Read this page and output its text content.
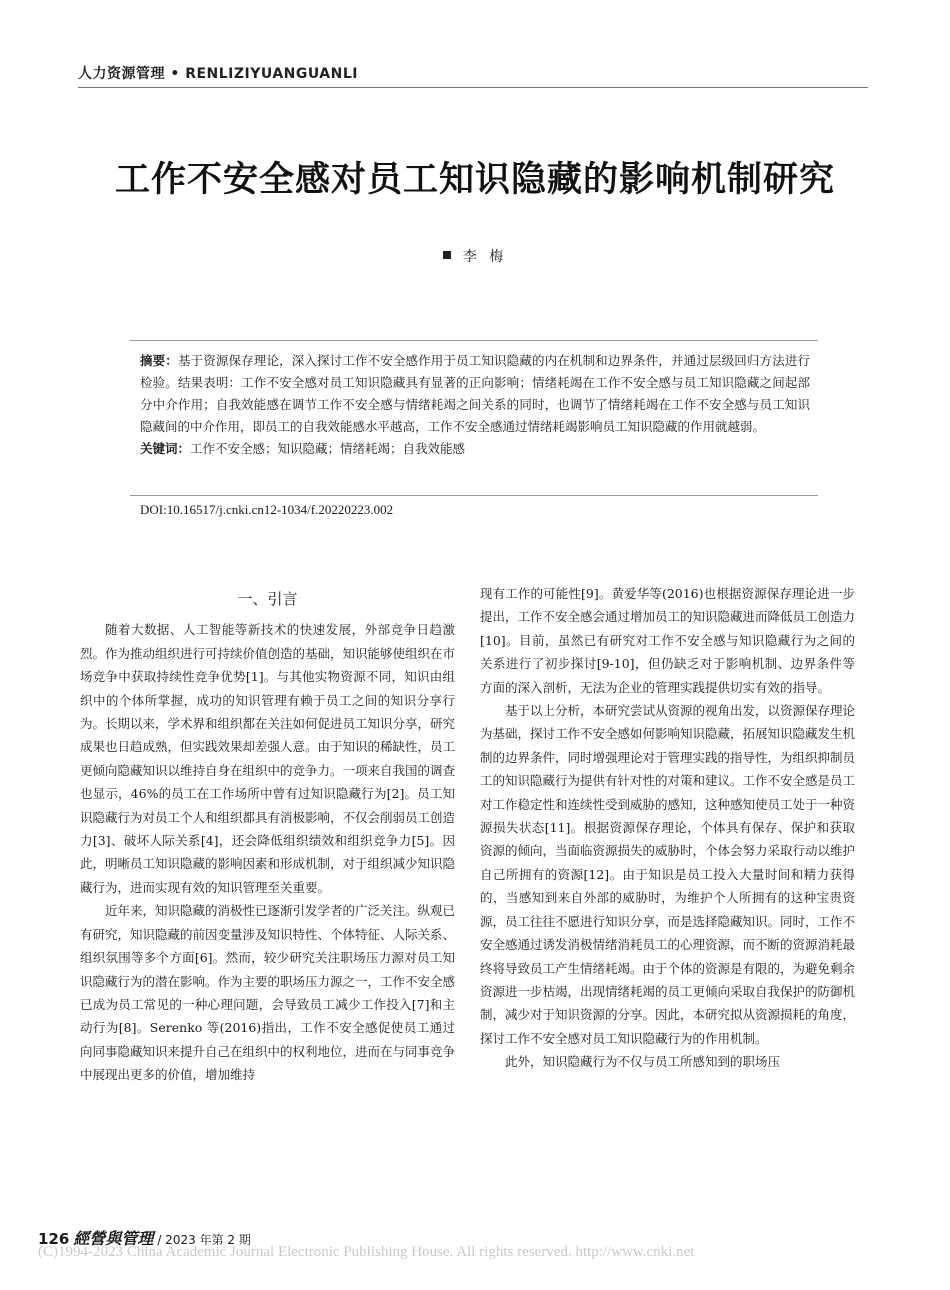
人力资源管理 • RENLIZIYUANGUANLI
工作不安全感对员工知识隐藏的影响机制研究
李 梅

摘要：基于资源保存理论，深入探讨工作不安全感作用于员工知识隐藏的内在机制和边界条件，并通过层级回归方法进行检验。结果表明：工作不安全感对员工知识隐藏具有显著的正向影响；情绪耗竭在工作不安全感与员工知识隐藏之间起部分中介作用；自我效能感在调节工作不安全感与情绪耗竭之间关系的同时，也调节了情绪耗竭在工作不安全感与员工知识隐藏间的中介作用，即员工的自我效能感水平越高，工作不安全感通过情绪耗竭影响员工知识隐藏的作用就越弱。

关键词：工作不安全感；知识隐藏；情绪耗竭；自我效能感

DOI:10.16517/j.cnki.cn12-1034/f.20220223.002
一、引言

随着大数据、人工智能等新技术的快速发展，外部竞争日趋激烈。作为推动组织进行可持续价值创造的基础，知识能够使组织在市场竞争中获取持续性竞争优势[1]。与其他实物资源不同，知识由组织中的个体所掌握，成功的知识管理有赖于员工之间的知识分享行为。长期以来，学术界和组织都在关注如何促进员工知识分享，研究成果也日趋成熟，但实践效果却差强人意。由于知识的稀缺性，员工更倾向隐藏知识以维持自身在组织中的竞争力。一项来自我国的调查也显示，46%的员工在工作场所中曾有过知识隐藏行为[2]。员工知识隐藏行为对员工个人和组织都具有消极影响，不仅会削弱员工创造力[3]、破坏人际关系[4]，还会降低组织绩效和组织竞争力[5]。因此，明晰员工知识隐藏的影响因素和形成机制，对于组织减少知识隐藏行为，进而实现有效的知识管理至关重要。

近年来，知识隐藏的消极性已逐渐引发学者的广泛关注。纵观已有研究，知识隐藏的前因变量涉及知识特性、个体特征、人际关系、组织氛围等多个方面[6]。然而，较少研究关注职场压力源对员工知识隐藏行为的潜在影响。作为主要的职场压力源之一，工作不安全感已成为员工常见的一种心理问题，会导致员工减少工作投入[7]和主动行为[8]。Serenko 等(2016)指出，工作不安全感促使员工通过向同事隐藏知识来提升自己在组织中的权利地位，进而在与同事竞争中展现出更多的价值，增加维持

现有工作的可能性[9]。黄爱华等(2016)也根据资源保存理论进一步提出，工作不安全感会通过增加员工的知识隐藏进而降低员工创造力[10]。目前，虽然已有研究对工作不安全感与知识隐藏行为之间的关系进行了初步探讨[9-10]，但仍缺乏对于影响机制、边界条件等方面的深入剖析，无法为企业的管理实践提供切实有效的指导。

基于以上分析，本研究尝试从资源的视角出发，以资源保存理论为基础，探讨工作不安全感如何影响知识隐藏，拓展知识隐藏发生机制的边界条件，同时增强理论对于管理实践的指导性，为组织抑制员工的知识隐藏行为提供有针对性的对策和建议。工作不安全感是员工对工作稳定性和连续性受到威胁的感知，这种感知使员工处于一种资源损失状态[11]。根据资源保存理论，个体具有保存、保护和获取资源的倾向，当面临资源损失的威胁时，个体会努力采取行动以维护自己所拥有的资源[12]。由于知识是员工投入大量时间和精力获得的，当感知到来自外部的威胁时，为维护个人所拥有的这种宝贵资源，员工往往不愿进行知识分享，而是选择隐藏知识。同时，工作不安全感通过诱发消极情绪消耗员工的心理资源，而不断的资源消耗最终将导致员工产生情绪耗竭。由于个体的资源是有限的，为避免剩余资源进一步枯竭，出现情绪耗竭的员工更倾向采取自我保护的防御机制，减少对于知识资源的分享。因此，本研究拟从资源损耗的角度，探讨工作不安全感对员工知识隐藏行为的作用机制。

此外，知识隐藏行为不仅与员工所感知到的职场压

126 經營與管理 / 2023 年第 2 期
(C)1994-2023 China Academic Journal Electronic Publishing House. All rights reserved. http://www.cnki.net
